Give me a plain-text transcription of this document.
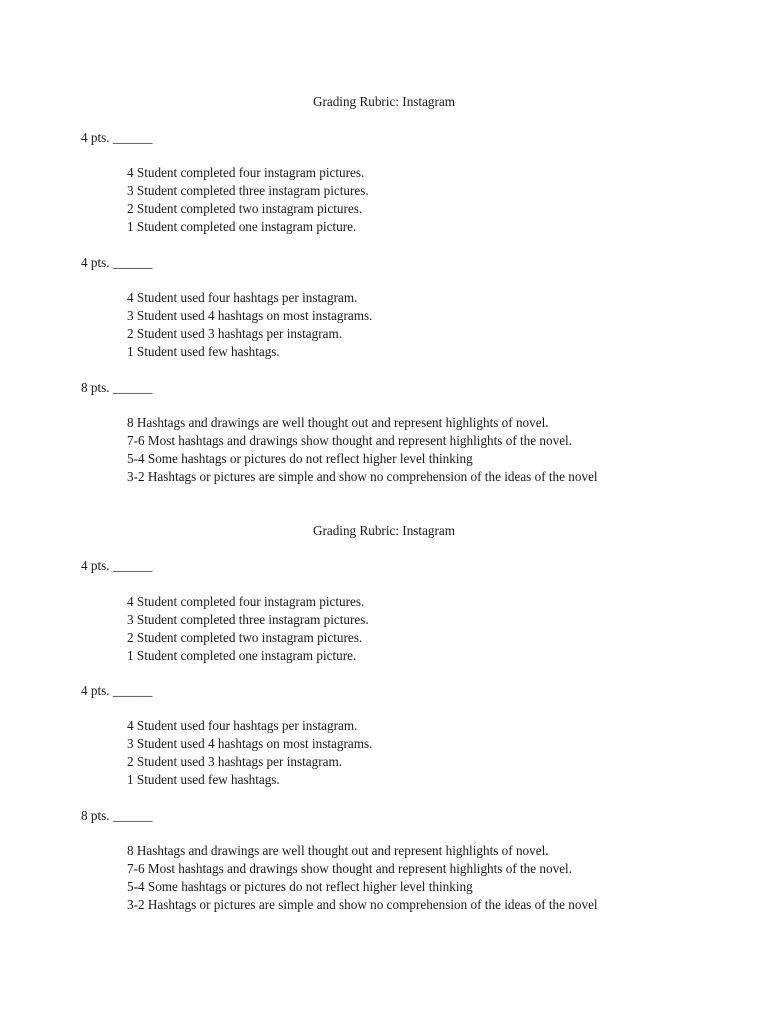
Grading Rubric: Instagram
4 pts. ______
4 Student completed four instagram pictures.
3 Student completed three instagram pictures.
2 Student completed two instagram pictures.
1 Student completed one instagram picture.
4 pts. ______
4 Student used four hashtags per instagram.
3 Student used 4 hashtags on most instagrams.
2 Student used 3 hashtags per instagram.
1 Student used few hashtags.
8 pts. ______
8 Hashtags and drawings are well thought out and represent highlights of novel.
7-6 Most hashtags and drawings show thought and represent highlights of the novel.
5-4 Some hashtags or pictures do not reflect higher level thinking
3-2 Hashtags or pictures are simple and show no comprehension of the ideas of the novel
Grading Rubric: Instagram
4 pts. ______
4 Student completed four instagram pictures.
3 Student completed three instagram pictures.
2 Student completed two instagram pictures.
1 Student completed one instagram picture.
4 pts. ______
4 Student used four hashtags per instagram.
3 Student used 4 hashtags on most instagrams.
2 Student used 3 hashtags per instagram.
1 Student used few hashtags.
8 pts. ______
8 Hashtags and drawings are well thought out and represent highlights of novel.
7-6 Most hashtags and drawings show thought and represent highlights of the novel.
5-4 Some hashtags or pictures do not reflect higher level thinking
3-2 Hashtags or pictures are simple and show no comprehension of the ideas of the novel
